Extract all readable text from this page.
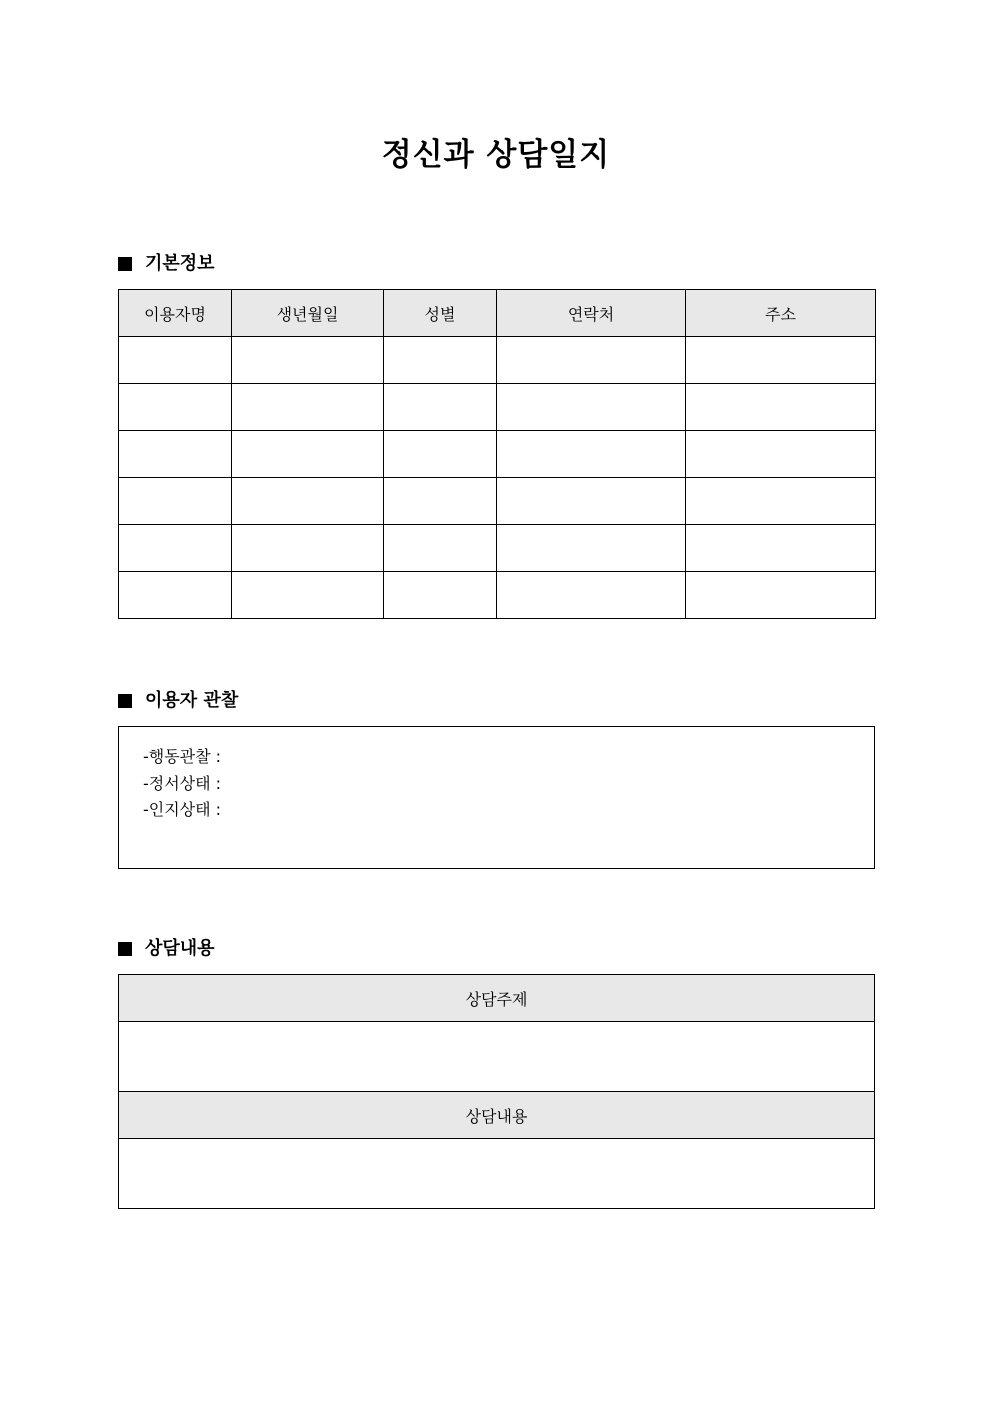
정신과 상담일지
기본정보
이용자명	생년월일	성별	연락처	주소

이용자 관찰
-행동관찰 :
-정서상태 :
-인지상태 :
상담내용
상담주제

상담내용
